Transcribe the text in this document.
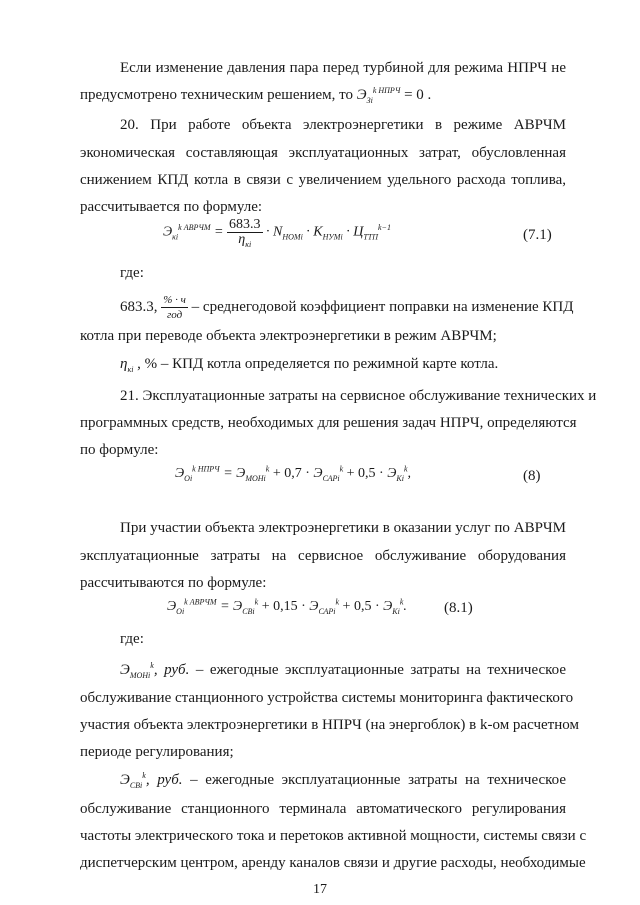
Если изменение давления пара перед турбиной для режима НПРЧ не
предусмотрено техническим решением, то $Э_{Зi}^{k НПРЧ} = 0$ .
20. При работе объекта электроэнергетики в режиме АВРЧМ
экономическая составляющая эксплуатационных затрат, обусловленная
снижением КПД котла в связи с увеличением удельного расхода топлива,
рассчитывается по формуле:
$Э_{кi}^{k АВРЧМ} = \frac{683.3}{\eta_{кi}} \cdot N_{НОМi} \cdot K_{НУМi} \cdot Ц_{ТТП}^{k-1}$	(7.1)
где:
683.3, $\frac{\% \cdot ч}{\text{год}}$ – среднегодовой коэффициент поправки на изменение КПД
котла при переводе объекта электроэнергетики в режим АВРЧМ;
$\eta_{кi}$ , % – КПД котла определяется по режимной карте котла.
21. Эксплуатационные затраты на сервисное обслуживание технических и
программных средств, необходимых для решения задач НПРЧ, определяются
по формуле:
$Э_{Oi}^{k НПРЧ} = Э_{МОНi}^k + 0,7 \cdot Э_{САРi}^k + 0,5 \cdot Э_{Кi}^k$,	(8)
При участии объекта электроэнергетики в оказании услуг по АВРЧМ
эксплуатационные затраты на сервисное обслуживание оборудования
рассчитываются по формуле:
$Э_{Oi}^{k АВРЧМ} = Э_{СВi}^k + 0,15 \cdot Э_{САРi}^k + 0,5 \cdot Э_{Кi}^k$. (8.1)
где:
$Э_{МОНi}^k$, руб. – ежегодные эксплуатационные затраты на техническое
обслуживание станционного устройства системы мониторинга фактического
участия объекта электроэнергетики в НПРЧ (на энергоблок) в k-ом расчетном
периоде регулирования;
$Э_{СВi}^k$, руб. – ежегодные эксплуатационные затраты на техническое
обслуживание станционного терминала автоматического регулирования
частоты электрического тока и перетоков активной мощности, системы связи с
диспетчерским центром, аренду каналов связи и другие расходы, необходимые
17
